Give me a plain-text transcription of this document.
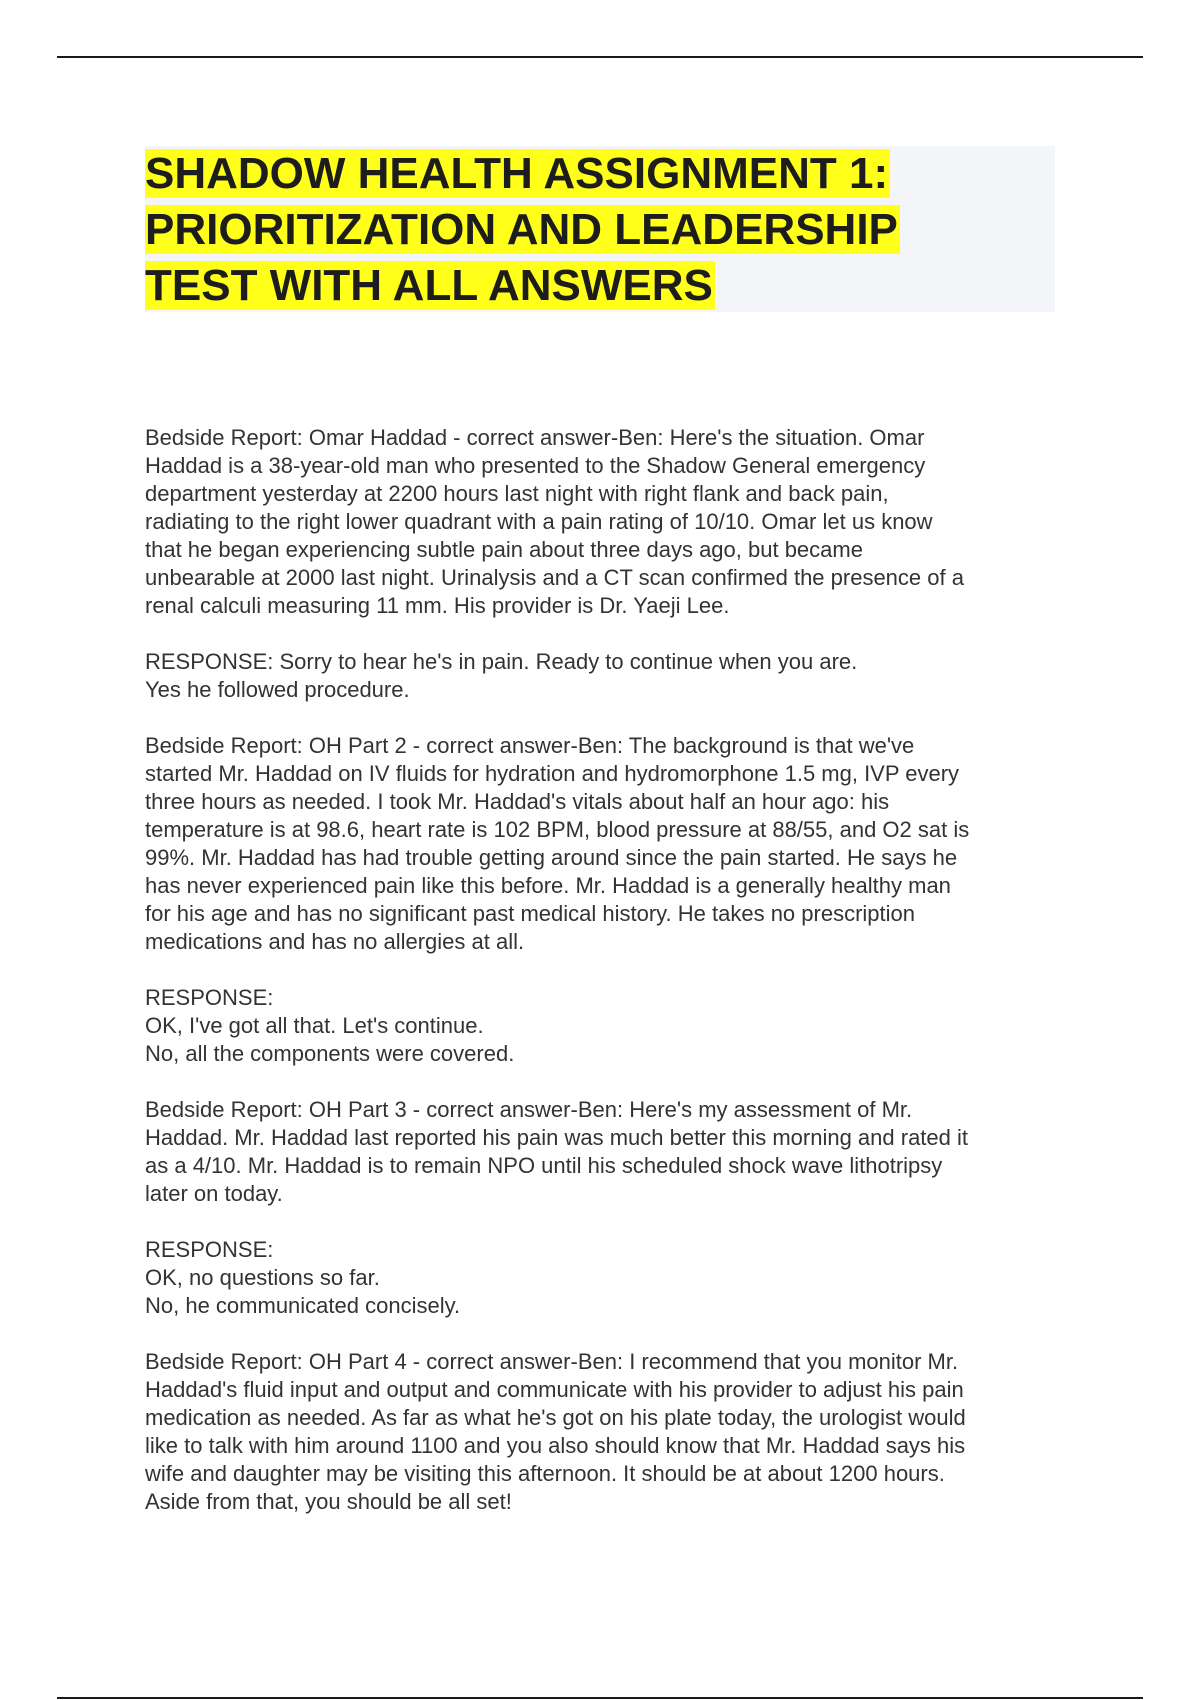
SHADOW HEALTH ASSIGNMENT 1:
PRIORITIZATION AND LEADERSHIP
TEST WITH ALL ANSWERS

Bedside Report: Omar Haddad - correct answer-Ben: Here's the situation. Omar
Haddad is a 38-year-old man who presented to the Shadow General emergency
department yesterday at 2200 hours last night with right flank and back pain,
radiating to the right lower quadrant with a pain rating of 10/10. Omar let us know
that he began experiencing subtle pain about three days ago, but became
unbearable at 2000 last night. Urinalysis and a CT scan confirmed the presence of a
renal calculi measuring 11 mm. His provider is Dr. Yaeji Lee.

RESPONSE: Sorry to hear he's in pain. Ready to continue when you are.
Yes he followed procedure.

Bedside Report: OH Part 2 - correct answer-Ben: The background is that we've
started Mr. Haddad on IV fluids for hydration and hydromorphone 1.5 mg, IVP every
three hours as needed. I took Mr. Haddad's vitals about half an hour ago: his
temperature is at 98.6, heart rate is 102 BPM, blood pressure at 88/55, and O2 sat is
99%. Mr. Haddad has had trouble getting around since the pain started. He says he
has never experienced pain like this before. Mr. Haddad is a generally healthy man
for his age and has no significant past medical history. He takes no prescription
medications and has no allergies at all.

RESPONSE:
OK, I've got all that. Let's continue.
No, all the components were covered.

Bedside Report: OH Part 3 - correct answer-Ben: Here's my assessment of Mr.
Haddad. Mr. Haddad last reported his pain was much better this morning and rated it
as a 4/10. Mr. Haddad is to remain NPO until his scheduled shock wave lithotripsy
later on today.

RESPONSE:
OK, no questions so far.
No, he communicated concisely.

Bedside Report: OH Part 4 - correct answer-Ben: I recommend that you monitor Mr.
Haddad's fluid input and output and communicate with his provider to adjust his pain
medication as needed. As far as what he's got on his plate today, the urologist would
like to talk with him around 1100 and you also should know that Mr. Haddad says his
wife and daughter may be visiting this afternoon. It should be at about 1200 hours.
Aside from that, you should be all set!
